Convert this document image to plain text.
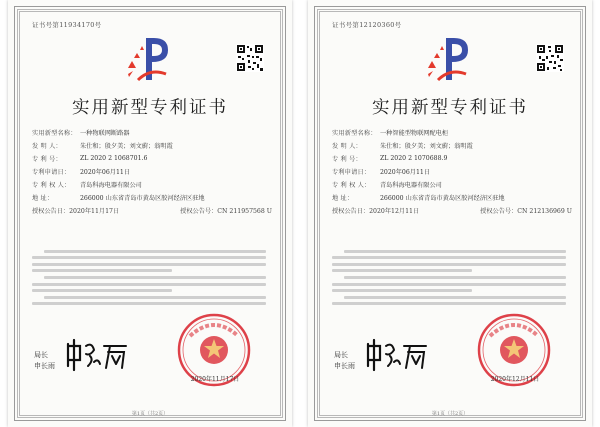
证书号第11934170号
实用新型专利证书
实用新型名称： 一种物联网断路器
发 明 人：	朱仕和；殷夕美；刘文蔚；翁明霞
专 利 号：	ZL 2020 2 1068701.6
专利申请日：	2020年06月11日
专 利 权 人：	青岛科海电器有限公司
地 址：	266000 山东省青岛市黄岛区胶河经济区驻地
授权公告日：2020年11月17日	授权公告号：CN 211957568 U
局长
申长雨
2020年11月17日
第1页（共2页）
证书号第12120360号
实用新型专利证书
实用新型名称： 一种智能型物联网配电柜
发 明 人：	朱仕和；殷夕美；刘文蔚；翁明霞
专 利 号：	ZL 2020 2 1070688.9
专利申请日：	2020年06月11日
专 利 权 人：	青岛科海电器有限公司
地 址：	266000 山东省青岛市黄岛区胶河经济区驻地
授权公告日：2020年12月11日	授权公告号：CN 212136969 U
局长
申长雨
2020年12月11日
第1页（共2页）
